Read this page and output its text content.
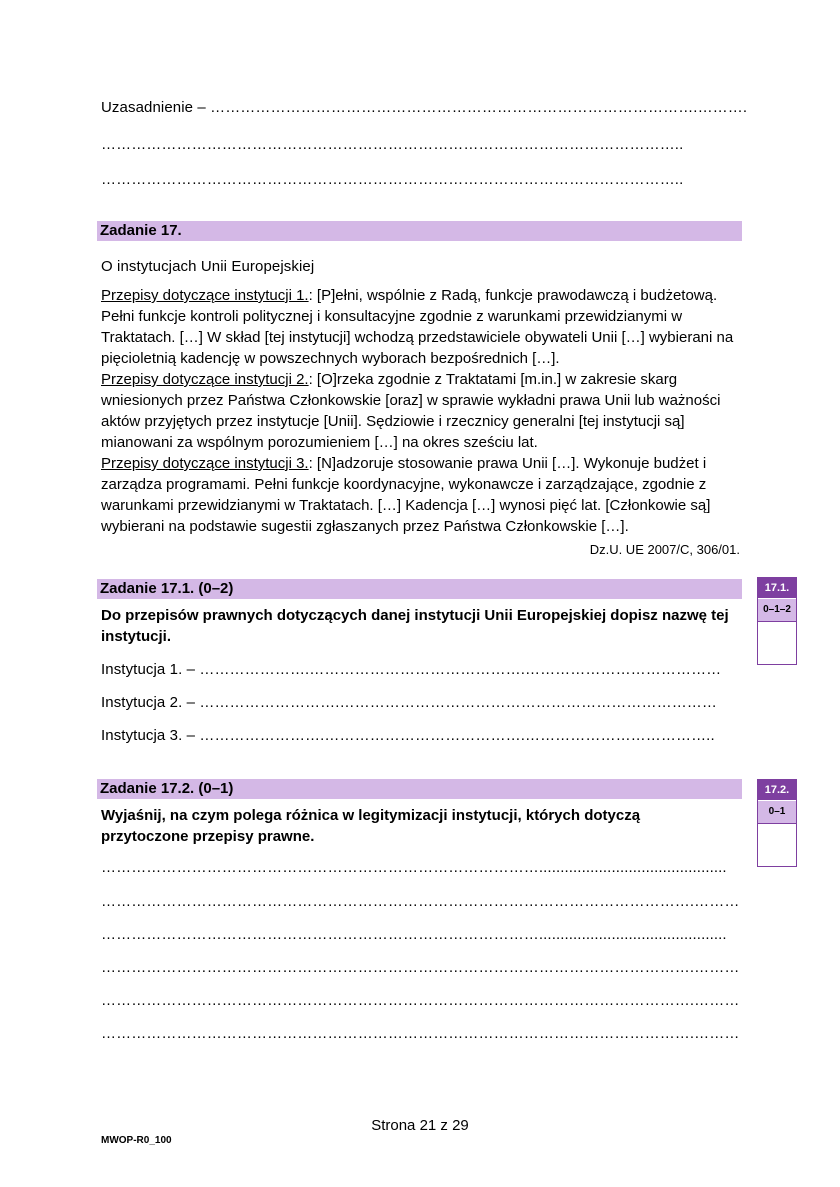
Uzasadnienie – …………………………………………………………………………………….……….
……………………………………………………………………………………………………..
……………………………………………………………………………………………………..
Zadanie 17.
O instytucjach Unii Europejskiej
Przepisy dotyczące instytucji 1.: [P]ełni, wspólnie z Radą, funkcje prawodawczą i budżetową. Pełni funkcje kontroli politycznej i konsultacyjne zgodnie z warunkami przewidzianymi w Traktatach. […] W skład [tej instytucji] wchodzą przedstawiciele obywateli Unii […] wybierani na pięcioletnią kadencję w powszechnych wyborach bezpośrednich […].
Przepisy dotyczące instytucji 2.: [O]rzeka zgodnie z Traktatami [m.in.] w zakresie skarg wniesionych przez Państwa Członkowskie [oraz] w sprawie wykładni prawa Unii lub ważności aktów przyjętych przez instytucje [Unii]. Sędziowie i rzecznicy generalni [tej instytucji są] mianowani za wspólnym porozumieniem […] na okres sześciu lat.
Przepisy dotyczące instytucji 3.: [N]adzoruje stosowanie prawa Unii […]. Wykonuje budżet i zarządza programami. Pełni funkcje koordynacyjne, wykonawcze i zarządzające, zgodnie z warunkami przewidzianymi w Traktatach. […] Kadencja […] wynosi pięć lat. [Członkowie są] wybierani na podstawie sugestii zgłaszanych przez Państwa Członkowskie […].
Dz.U. UE 2007/C, 306/01.
Zadanie 17.1. (0–2)
Do przepisów prawnych dotyczących danej instytucji Unii Europejskiej dopisz nazwę tej instytucji.
Instytucja 1. – ………………….…………………………………….…………………………………
Instytucja 2. – ……………………….…………………………………………………………………
Instytucja 3. – …………………….………………………………….………………………………..
17.1.
0–1–2
Zadanie 17.2. (0–1)
Wyjaśnij, na czym polega różnica w legitymizacji instytucji, których dotyczą przytoczone przepisy prawne.
……………………………………………………………………………............................................
……………………………………………………………………………………………………….………
……………………………………………………………………………............................................
……………………………………………………………………………………………………….………
……………………………………………………………………………………………………….………
……………………………………………………………………………………………………….………
17.2.
0–1
Strona 21 z 29
MWOP-R0_100
